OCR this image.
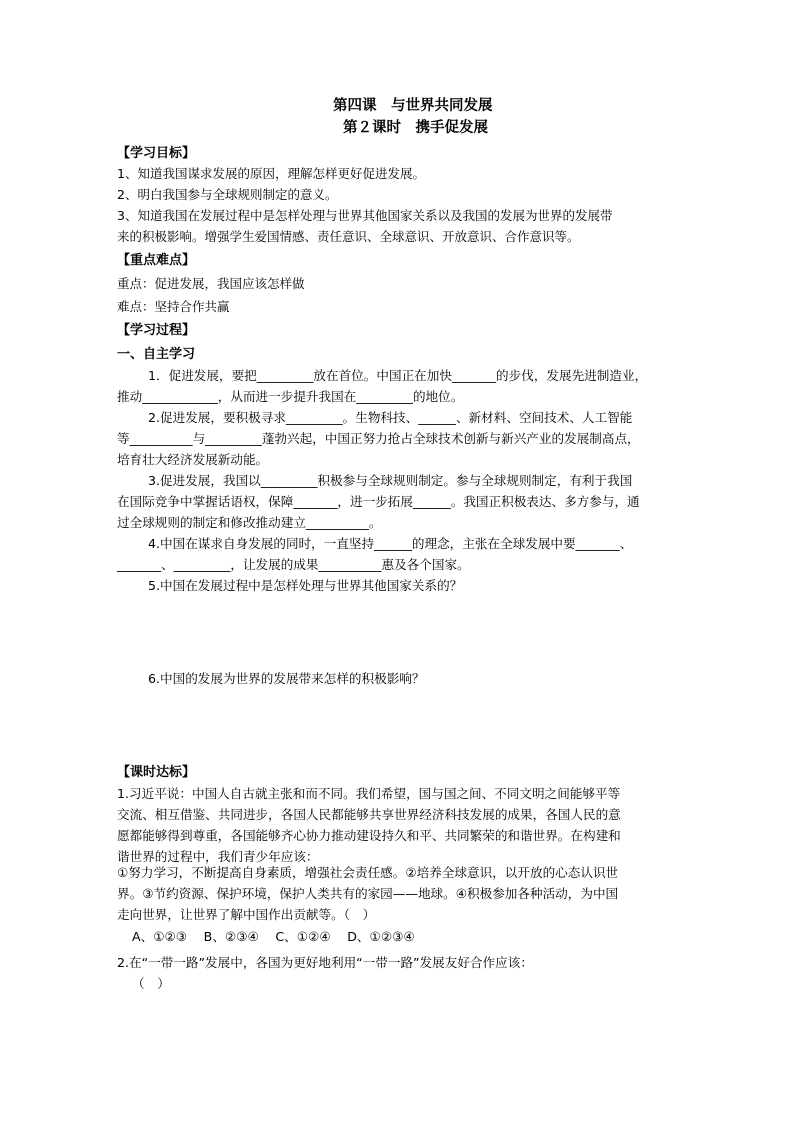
第四课　与世界共同发展
第２课时　携手促发展
【学习目标】
1、知道我国谋求发展的原因，理解怎样更好促进发展。
2、明白我国参与全球规则制定的意义。
3、知道我国在发展过程中是怎样处理与世界其他国家关系以及我国的发展为世界的发展带
来的积极影响。增强学生爱国情感、责任意识、全球意识、开放意识、合作意识等。
【重点难点】
重点：促进发展，我国应该怎样做
难点：坚持合作共赢
【学习过程】
一、自主学习
1．促进发展，要把_________放在首位。中国正在加快_______的步伐，发展先进制造业，
推动____________，从而进一步提升我国在_________的地位。
2.促进发展，要积极寻求_________。生物科技、______、新材料、空间技术、人工智能
等__________与_________蓬勃兴起，中国正努力抢占全球技术创新与新兴产业的发展制高点，
培育壮大经济发展新动能。
3.促进发展，我国以_________积极参与全球规则制定。参与全球规则制定，有利于我国
在国际竞争中掌握话语权，保障_______，进一步拓展______。我国正积极表达、多方参与，通
过全球规则的制定和修改推动建立__________。
4.中国在谋求自身发展的同时，一直坚持______的理念，主张在全球发展中要_______、
_______、_________，让发展的成果__________惠及各个国家。
5.中国在发展过程中是怎样处理与世界其他国家关系的？
6.中国的发展为世界的发展带来怎样的积极影响？
【课时达标】
1.习近平说：中国人自古就主张和而不同。我们希望，国与国之间、不同文明之间能够平等
交流、相互借鉴、共同进步，各国人民都能够共享世界经济科技发展的成果，各国人民的意
愿都能够得到尊重，各国能够齐心协力推动建设持久和平、共同繁荣的和谐世界。在构建和
谐世界的过程中，我们青少年应该：
①努力学习，不断提高自身素质，增强社会责任感。②培养全球意识，以开放的心态认识世
界。③节约资源、保护环境，保护人类共有的家园——地球。④积极参加各种活动，为中国
走向世界，让世界了解中国作出贡献等。（　）
A、①②③　 B、②③④　 C、①②④　 D、①②③④
2.在“一带一路”发展中，各国为更好地利用“一带一路”发展友好合作应该：
（　）
